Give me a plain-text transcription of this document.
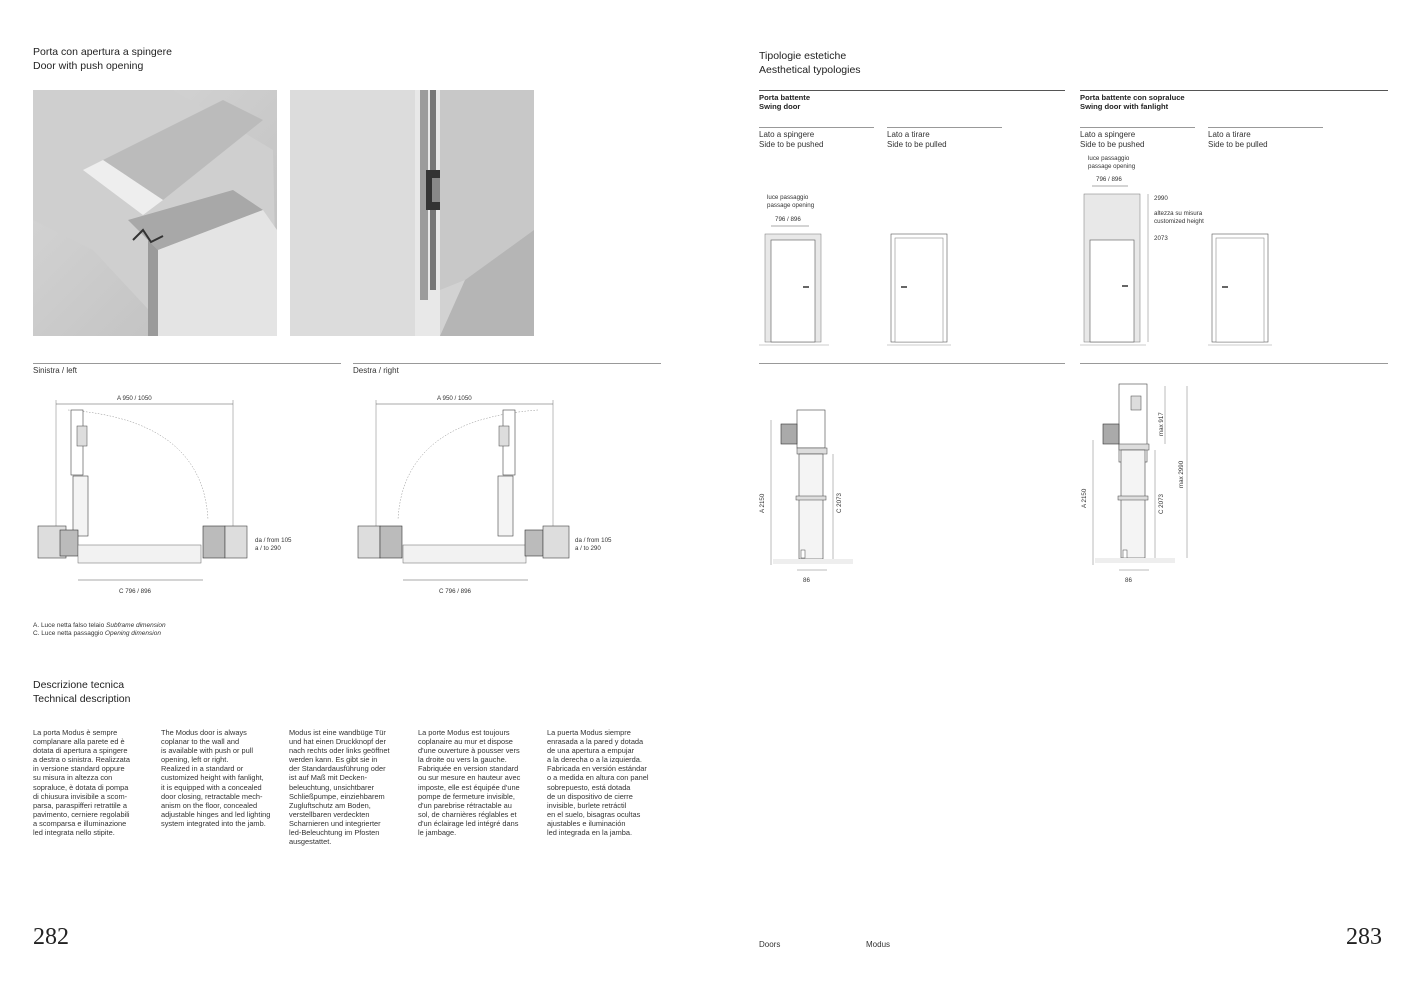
Porta con apertura a spingere
Door with push opening
Sinistra / left	Destra / right
A 950 / 1050
C 796 / 896
da / from 105
a / to 290
A 950 / 1050
C 796 / 896
da / from 105
a / to 290
A. Luce netta falso telaio Subframe dimension
C. Luce netta passaggio Opening dimension
Descrizione tecnica
Technical description

La porta Modus è sempre
complanare alla parete ed è
dotata di apertura a spingere
a destra o sinistra. Realizzata
in versione standard oppure
su misura in altezza con
sopraluce, è dotata di pompa
di chiusura invisibile a scom-
parsa, paraspifferi retrattile a
pavimento, cerniere regolabili
a scomparsa e illuminazione
led integrata nello stipite.

The Modus door is always
coplanar to the wall and
is available with push or pull
opening, left or right.
Realized in a standard or
customized height with fanlight,
it is equipped with a concealed
door closing, retractable mech-
anism on the floor, concealed
adjustable hinges and led lighting
system integrated into the jamb.

Modus ist eine wandbüge Tür
und hat einen Druckknopf der
nach rechts oder links geöffnet
werden kann. Es gibt sie in
der Standardausführung oder
ist auf Maß mit Decken-
beleuchtung, unsichtbarer
Schließpumpe, einziehbarem
Zugluftschutz am Boden,
verstellbaren verdeckten
Scharnieren und integrierter
led-Beleuchtung im Pfosten
ausgestattet.

La porte Modus est toujours
coplanaire au mur et dispose
d'une ouverture à pousser vers
la droite ou vers la gauche.
Fabriquée en version standard
ou sur mesure en hauteur avec
imposte, elle est équipée d'une
pompe de fermeture invisible,
d'un parebrise rétractable au
sol, de charnières réglables et
d'un éclairage led intégré dans
le jambage.

La puerta Modus siempre
enrasada a la pared y dotada
de una apertura a empujar
a la derecha o a la izquierda.
Fabricada en versión estándar
o a medida en altura con panel
sobrepuesto, está dotada
de un dispositivo de cierre
invisible, burlete retráctil
en el suelo, bisagras ocultas
ajustables e iluminación
led integrada en la jamba.

282
Tipologie estetiche
Aesthetical typologies
Porta battente
Swing door
Porta battente con sopraluce
Swing door with fanlight
Lato a spingere
Side to be pushed
Lato a tirare
Side to be pulled
Lato a spingere
Side to be pushed
Lato a tirare
Side to be pulled
luce passaggio
passage opening
796 / 896
luce passaggio
passage opening
796 / 896
2990
altezza su misura
customized height
2073
A 2150	C 2073
86
A 2150	C 2073
max 917
max 2990
86
Doors	Modus	283
